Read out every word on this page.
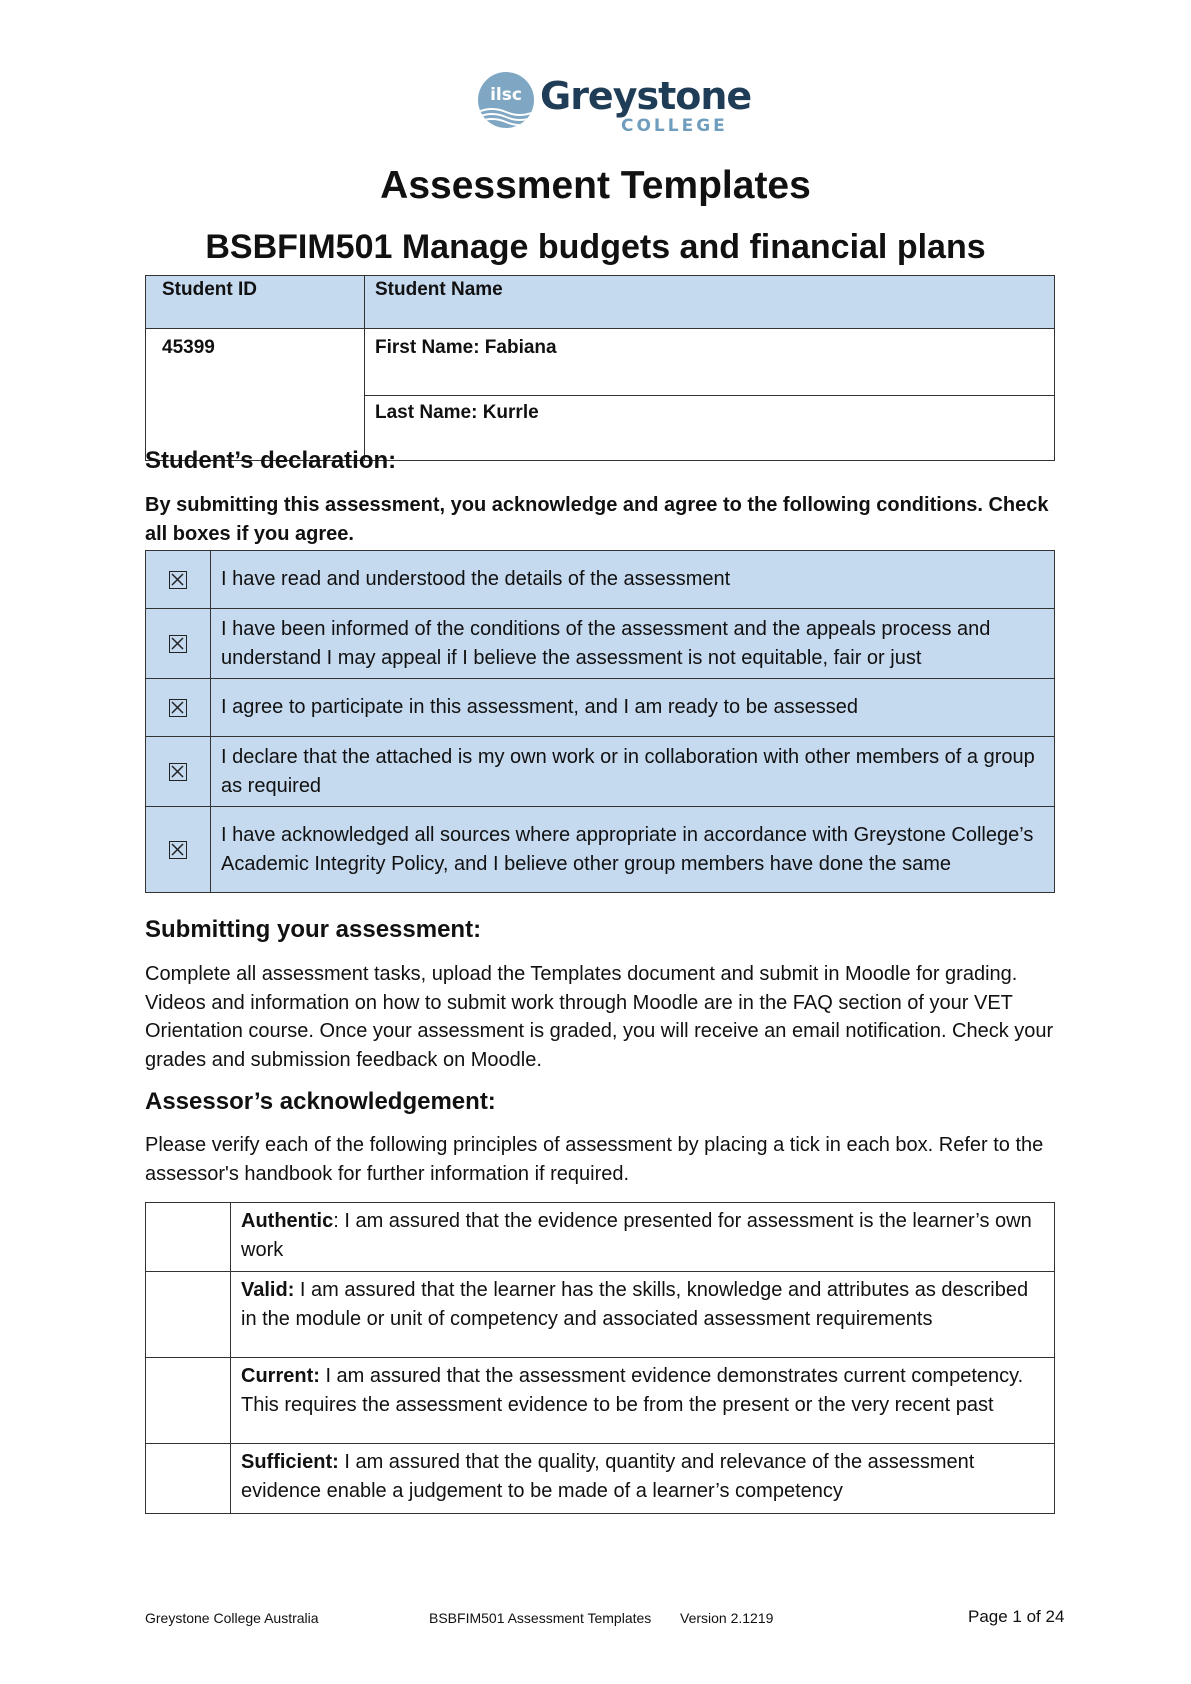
ilsc Greystone
COLLEGE
Assessment Templates
BSBFIM501 Manage budgets and financial plans
Student ID	Student Name
45399	First Name: Fabiana
	Last Name: Kurrle
Student’s declaration:
By submitting this assessment, you acknowledge and agree to the following conditions. Check all boxes if you agree.
	I have read and understood the details of the assessment

	I have been informed of the conditions of the assessment and the appeals process and understand I may appeal if I believe the assessment is not equitable, fair or just

	I agree to participate in this assessment, and I am ready to be assessed

	I declare that the attached is my own work or in collaboration with other members of a group as required

	I have acknowledged all sources where appropriate in accordance with Greystone College’s Academic Integrity Policy, and I believe other group members have done the same
Submitting your assessment:
Complete all assessment tasks, upload the Templates document and submit in Moodle for grading. Videos and information on how to submit work through Moodle are in the FAQ section of your VET Orientation course. Once your assessment is graded, you will receive an email notification. Check your grades and submission feedback on Moodle.
Assessor’s acknowledgement:
Please verify each of the following principles of assessment by placing a tick in each box. Refer to the assessor's handbook for further information if required.
	Authentic: I am assured that the evidence presented for assessment is the learner’s own work
	Valid: I am assured that the learner has the skills, knowledge and attributes as described in the module or unit of competency and associated assessment requirements
	Current: I am assured that the assessment evidence demonstrates current competency. This requires the assessment evidence to be from the present or the very recent past
	Sufficient: I am assured that the quality, quantity and relevance of the assessment evidence enable a judgement to be made of a learner’s competency
Greystone College Australia	BSBFIM501 Assessment Templates Version 2.1219	Page 1 of 24
